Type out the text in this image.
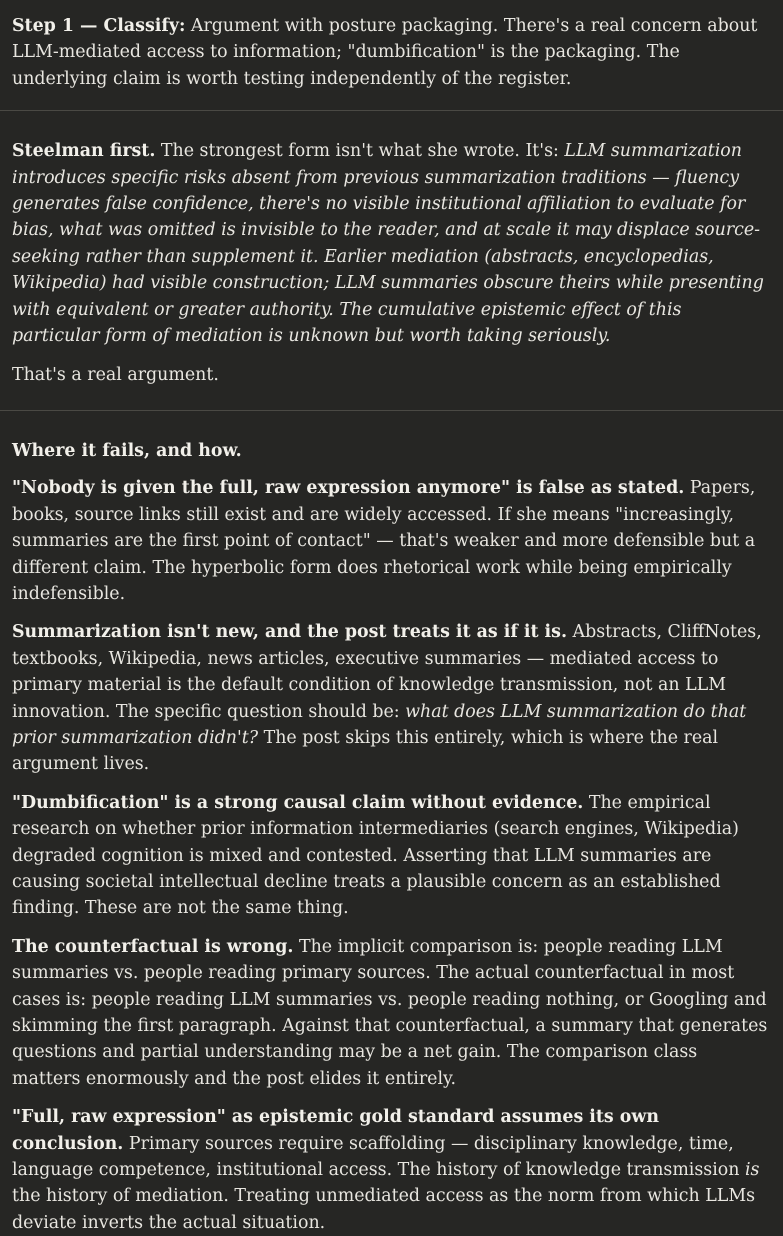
Step 1 — Classify: Argument with posture packaging. There's a real concern about LLM-mediated access to information; "dumbification" is the packaging. The underlying claim is worth testing independently of the register.

Steelman first. The strongest form isn't what she wrote. It's: LLM summarization introduces specific risks absent from previous summarization traditions — fluency generates false confidence, there's no visible institutional affiliation to evaluate for bias, what was omitted is invisible to the reader, and at scale it may displace source-seeking rather than supplement it. Earlier mediation (abstracts, encyclopedias, Wikipedia) had visible construction; LLM summaries obscure theirs while presenting with equivalent or greater authority. The cumulative epistemic effect of this particular form of mediation is unknown but worth taking seriously.

That's a real argument.

Where it fails, and how.

"Nobody is given the full, raw expression anymore" is false as stated. Papers, books, source links still exist and are widely accessed. If she means "increasingly, summaries are the first point of contact" — that's weaker and more defensible but a different claim. The hyperbolic form does rhetorical work while being empirically indefensible.

Summarization isn't new, and the post treats it as if it is. Abstracts, CliffNotes, textbooks, Wikipedia, news articles, executive summaries — mediated access to primary material is the default condition of knowledge transmission, not an LLM innovation. The specific question should be: what does LLM summarization do that prior summarization didn't? The post skips this entirely, which is where the real argument lives.

"Dumbification" is a strong causal claim without evidence. The empirical research on whether prior information intermediaries (search engines, Wikipedia) degraded cognition is mixed and contested. Asserting that LLM summaries are causing societal intellectual decline treats a plausible concern as an established finding. These are not the same thing.

The counterfactual is wrong. The implicit comparison is: people reading LLM summaries vs. people reading primary sources. The actual counterfactual in most cases is: people reading LLM summaries vs. people reading nothing, or Googling and skimming the first paragraph. Against that counterfactual, a summary that generates questions and partial understanding may be a net gain. The comparison class matters enormously and the post elides it entirely.

"Full, raw expression" as epistemic gold standard assumes its own conclusion. Primary sources require scaffolding — disciplinary knowledge, time, language competence, institutional access. The history of knowledge transmission is the history of mediation. Treating unmediated access as the norm from which LLMs deviate inverts the actual situation.
